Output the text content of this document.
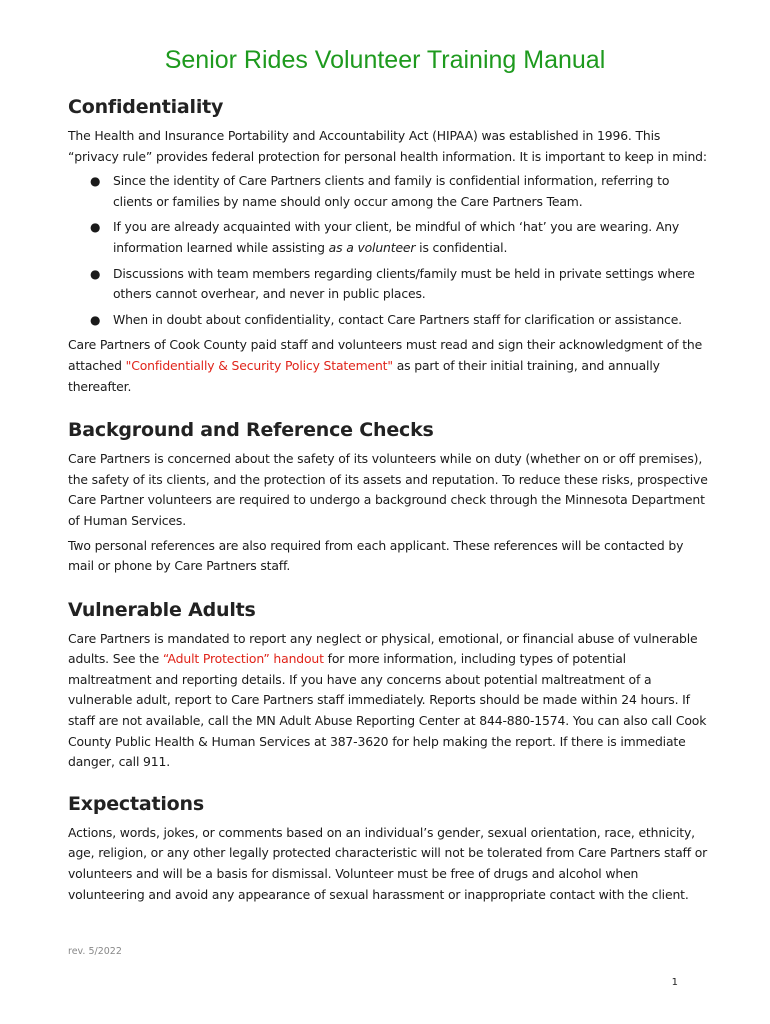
Senior Rides Volunteer Training Manual
Confidentiality

The Health and Insurance Portability and Accountability Act (HIPAA) was established in 1996. This “privacy rule” provides federal protection for personal health information. It is important to keep in mind:

● Since the identity of Care Partners clients and family is confidential information, referring to clients or families by name should only occur among the Care Partners Team.
● If you are already acquainted with your client, be mindful of which ‘hat’ you are wearing. Any information learned while assisting as a volunteer is confidential.
● Discussions with team members regarding clients/family must be held in private settings where others cannot overhear, and never in public places.
● When in doubt about confidentiality, contact Care Partners staff for clarification or assistance.

Care Partners of Cook County paid staff and volunteers must read and sign their acknowledgment of the attached "Confidentially & Security Policy Statement" as part of their initial training, and annually thereafter.

Background and Reference Checks

Care Partners is concerned about the safety of its volunteers while on duty (whether on or off premises), the safety of its clients, and the protection of its assets and reputation. To reduce these risks, prospective Care Partner volunteers are required to undergo a background check through the Minnesota Department of Human Services.

Two personal references are also required from each applicant. These references will be contacted by mail or phone by Care Partners staff.

Vulnerable Adults

Care Partners is mandated to report any neglect or physical, emotional, or financial abuse of vulnerable adults. See the “Adult Protection” handout for more information, including types of potential maltreatment and reporting details. If you have any concerns about potential maltreatment of a vulnerable adult, report to Care Partners staff immediately. Reports should be made within 24 hours. If staff are not available, call the MN Adult Abuse Reporting Center at 844-880-1574. You can also call Cook County Public Health & Human Services at 387-3620 for help making the report. If there is immediate danger, call 911.

Expectations

Actions, words, jokes, or comments based on an individual’s gender, sexual orientation, race, ethnicity, age, religion, or any other legally protected characteristic will not be tolerated from Care Partners staff or volunteers and will be a basis for dismissal. Volunteer must be free of drugs and alcohol when volunteering and avoid any appearance of sexual harassment or inappropriate contact with the client.

rev. 5/2022
1
